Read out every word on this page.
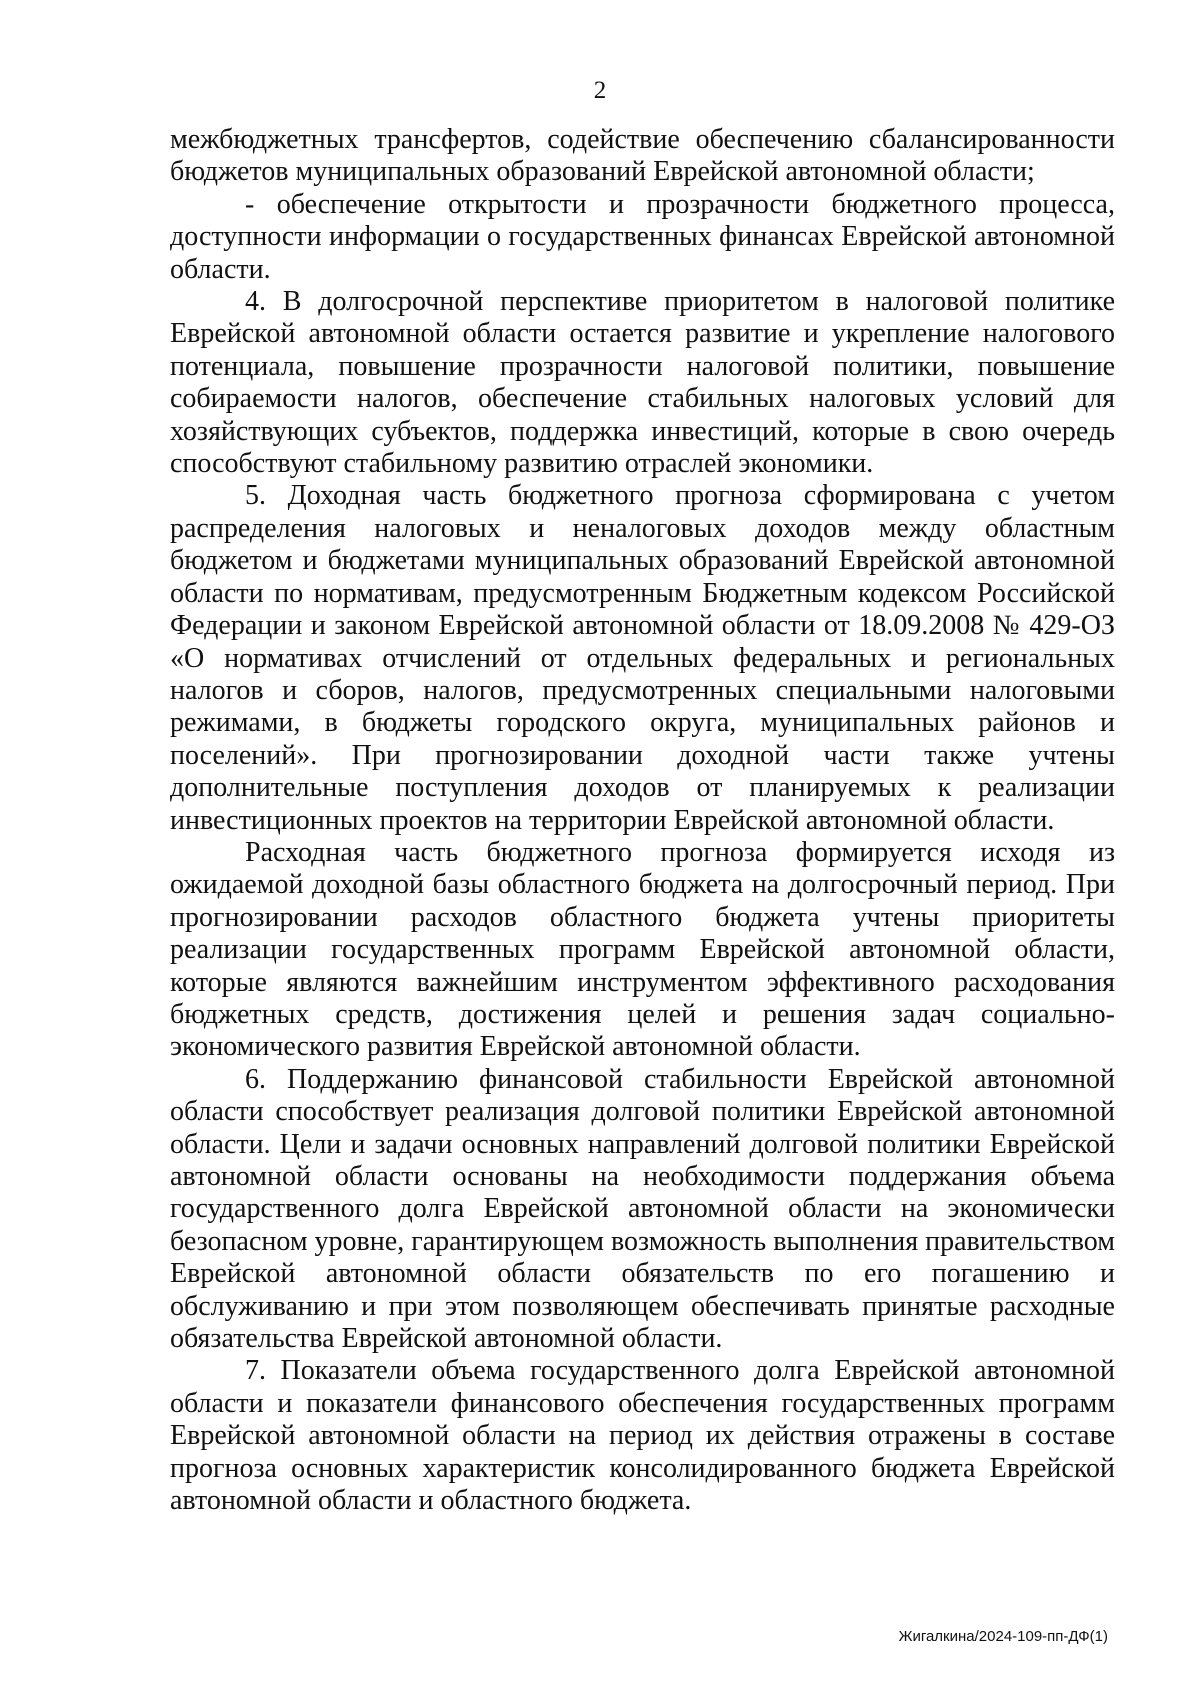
2

межбюджетных трансфертов, содействие обеспечению сбалансированности бюджетов муниципальных образований Еврейской автономной области;

- обеспечение открытости и прозрачности бюджетного процесса, доступности информации о государственных финансах Еврейской автономной области.

4. В долгосрочной перспективе приоритетом в налоговой политике Еврейской автономной области остается развитие и укрепление налогового потенциала, повышение прозрачности налоговой политики, повышение собираемости налогов, обеспечение стабильных налоговых условий для хозяйствующих субъектов, поддержка инвестиций, которые в свою очередь способствуют стабильному развитию отраслей экономики.

5. Доходная часть бюджетного прогноза сформирована с учетом распределения налоговых и неналоговых доходов между областным бюджетом и бюджетами муниципальных образований Еврейской автономной области по нормативам, предусмотренным Бюджетным кодексом Российской Федерации и законом Еврейской автономной области от 18.09.2008 № 429-ОЗ «О нормативах отчислений от отдельных федеральных и региональных налогов и сборов, налогов, предусмотренных специальными налоговыми режимами, в бюджеты городского округа, муниципальных районов и поселений». При прогнозировании доходной части также учтены дополнительные поступления доходов от планируемых к реализации инвестиционных проектов на территории Еврейской автономной области.

Расходная часть бюджетного прогноза формируется исходя из ожидаемой доходной базы областного бюджета на долгосрочный период. При прогнозировании расходов областного бюджета учтены приоритеты реализации государственных программ Еврейской автономной области, которые являются важнейшим инструментом эффективного расходования бюджетных средств, достижения целей и решения задач социально-экономического развития Еврейской автономной области.

6. Поддержанию финансовой стабильности Еврейской автономной области способствует реализация долговой политики Еврейской автономной области. Цели и задачи основных направлений долговой политики Еврейской автономной области основаны на необходимости поддержания объема государственного долга Еврейской автономной области на экономически безопасном уровне, гарантирующем возможность выполнения правительством Еврейской автономной области обязательств по его погашению и обслуживанию и при этом позволяющем обеспечивать принятые расходные обязательства Еврейской автономной области.

7. Показатели объема государственного долга Еврейской автономной области и показатели финансового обеспечения государственных программ Еврейской автономной области на период их действия отражены в составе прогноза основных характеристик консолидированного бюджета Еврейской автономной области и областного бюджета.

Жигалкина/2024-109-пп-ДФ(1)
